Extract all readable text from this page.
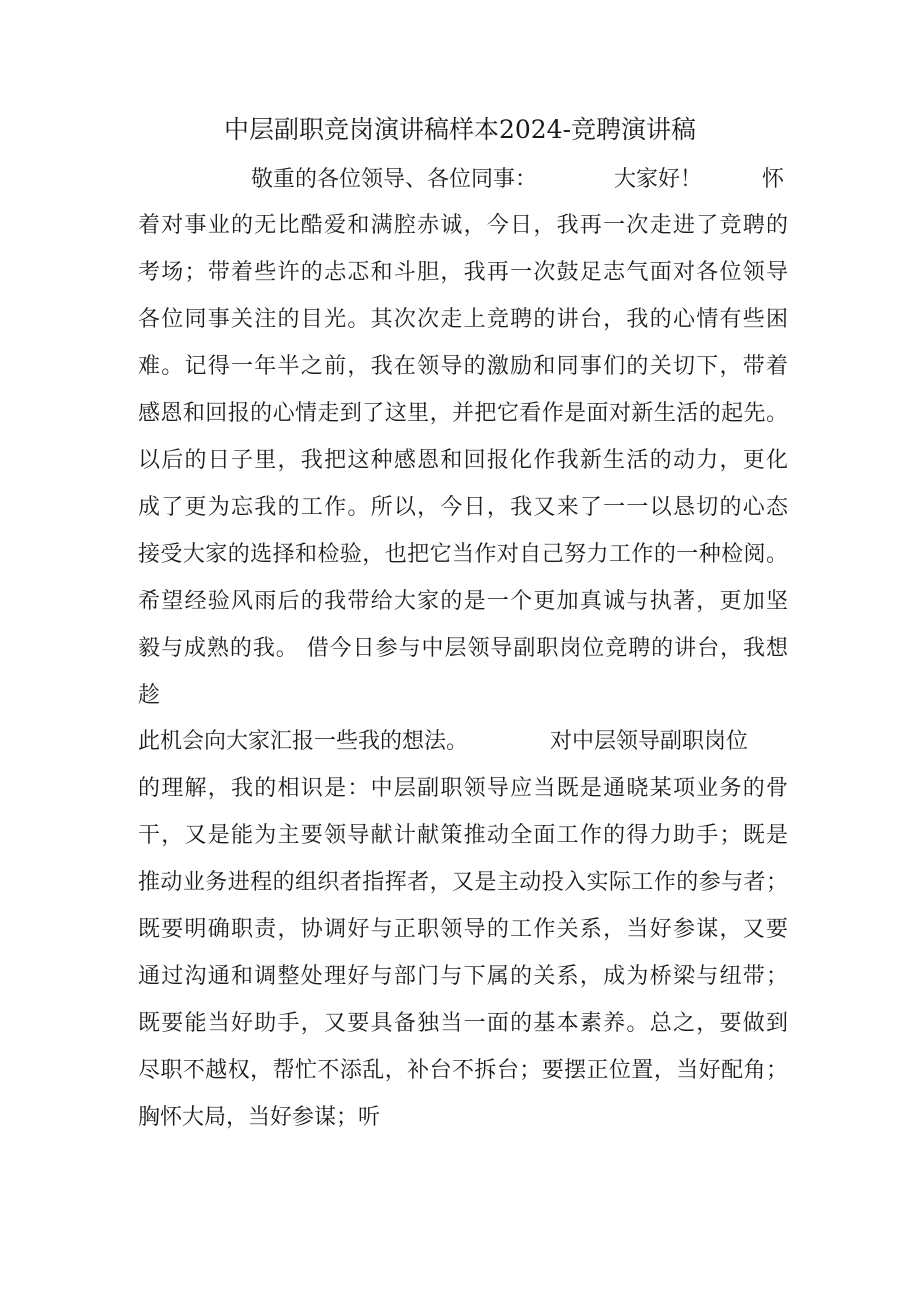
中层副职竞岗演讲稿样本2024-竞聘演讲稿
敬重的各位领导、各位同事：	大家好！	怀
着对事业的无比酷爱和满腔赤诚，今日，我再一次走进了竞聘的
考场；带着些许的忐忑和斗胆，我再一次鼓足志气面对各位领导
各位同事关注的目光。其次次走上竞聘的讲台，我的心情有些困
难。记得一年半之前，我在领导的激励和同事们的关切下，带着
感恩和回报的心情走到了这里，并把它看作是面对新生活的起先。
以后的日子里，我把这种感恩和回报化作我新生活的动力，更化
成了更为忘我的工作。所以，今日，我又来了一一以恳切的心态
接受大家的选择和检验，也把它当作对自己努力工作的一种检阅。
希望经验风雨后的我带给大家的是一个更加真诚与执著，更加坚
毅与成熟的我。 借今日参与中层领导副职岗位竞聘的讲台，我想
趁
此机会向大家汇报一些我的想法。	对中层领导副职岗位
的理解，我的相识是：中层副职领导应当既是通晓某项业务的骨
干，又是能为主要领导献计献策推动全面工作的得力助手；既是
推动业务进程的组织者指挥者，又是主动投入实际工作的参与者；
既要明确职责，协调好与正职领导的工作关系，当好参谋，又要
通过沟通和调整处理好与部门与下属的关系，成为桥梁与纽带；
既要能当好助手，又要具备独当一面的基本素养。总之，要做到
尽职不越权，帮忙不添乱，补台不拆台；要摆正位置，当好配角；
胸怀大局，当好参谋；听
